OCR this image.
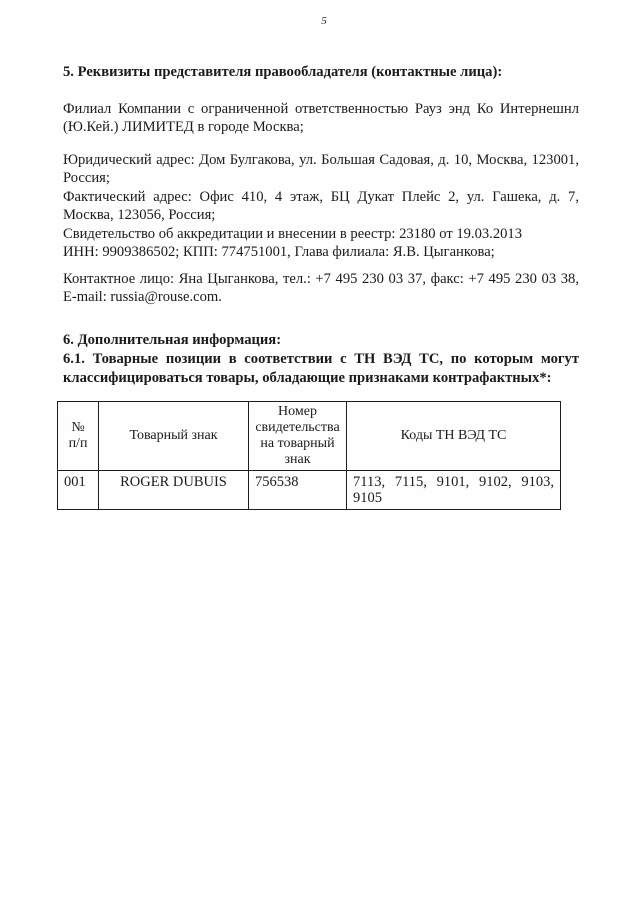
5
5. Реквизиты представителя правообладателя (контактные лица):
Филиал Компании с ограниченной ответственностью Рауз энд Ко Интернешнл
(Ю.Кей.) ЛИМИТЕД в городе Москва;
Юридический адрес: Дом Булгакова, ул. Большая Садовая, д. 10, Москва, 123001,
Россия;
Фактический адрес: Офис 410, 4 этаж, БЦ Дукат Плейс 2, ул. Гашека, д. 7,
Москва, 123056, Россия;
Свидетельство об аккредитации и внесении в реестр: 23180 от 19.03.2013
ИНН: 9909386502; КПП: 774751001, Глава филиала: Я.В. Цыганкова;
Контактное лицо: Яна Цыганкова, тел.: +7 495 230 03 37, факс: +7 495 230 03 38,
E-mail: russia@rouse.com.
6. Дополнительная информация:
6.1. Товарные позиции в соответствии с ТН ВЭД ТС, по которым могут
классифицироваться товары, обладающие признаками контрафактных*:
№
п/п	Товарный знак	Номер свидетельства на товарный знак	Коды ТН ВЭД ТС
001	ROGER DUBUIS	756538	7113, 7115, 9101, 9102, 9103,
9105
